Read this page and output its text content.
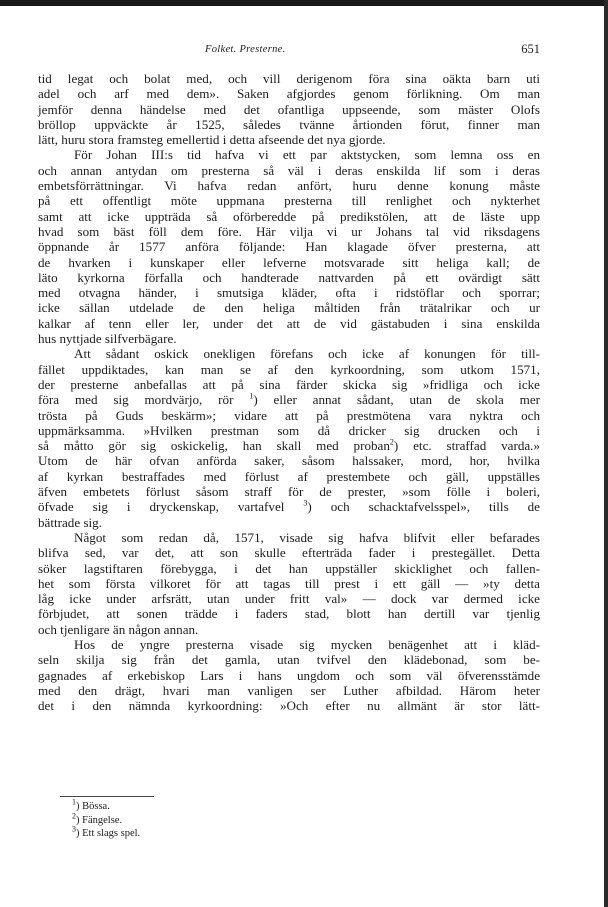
Folket. Presterne.	651
tid legat och bolat med, och vill derigenom föra sina oäkta barn uti
adel och arf med dem». Saken afgjordes genom förlikning. Om man
jemför denna händelse med det ofantliga uppseende, som mäster Olofs
bröllop uppväckte år 1525, således tvänne årtionden förut, finner man
lätt, huru stora framsteg emellertid i detta afseende det nya gjorde.
För Johan III:s tid hafva vi ett par aktstycken, som lemna oss en
och annan antydan om presterna så väl i deras enskilda lif som i deras
embetsförrättningar. Vi hafva redan anfört, huru denne konung måste
på ett offentligt möte uppmana presterna till renlighet och nykterhet
samt att icke uppträda så oförberedde på predikstölen, att de läste upp
hvad som bäst föll dem före. Här vilja vi ur Johans tal vid riksdagens
öppnande år 1577 anföra följande: Han klagade öfver presterna, att
de hvarken i kunskaper eller lefverne motsvarade sitt heliga kall; de
läto kyrkorna förfalla och handterade nattvarden på ett ovärdigt sätt
med otvagna händer, i smutsiga kläder, ofta i ridstöflar och sporrar;
icke sällan utdelade de den heliga måltiden från trätalrikar och ur
kalkar af tenn eller ler, under det att de vid gästabuden i sina enskilda
hus nyttjade silfverbägare.
Att sådant oskick onekligen förefans och icke af konungen för till-
fället uppdiktades, kan man se af den kyrkoordning, som utkom 1571,
der presterne anbefallas att på sina färder skicka sig »fridliga och icke
föra med sig mordvärjo, rör $^1$) eller annat sådant, utan de skola mer
trösta på Guds beskärm»; vidare att på prestmötena vara nyktra och
uppmärksamma. »Hvilken prestman som då dricker sig drucken och i
så måtto gör sig oskickelig, han skall med proban$^2$) etc. straffad varda.»
Utom de här ofvan anförda saker, såsom halssaker, mord, hor, hvilka
af kyrkan bestraffades med förlust af prestembete och gäll, uppställes
äfven embetets förlust såsom straff för de prester, »som fölle i boleri,
öfvade sig i dryckenskap, vartafvel $^3$) och schacktafvelsspel», tills de
bättrade sig.
Något som redan då, 1571, visade sig hafva blifvit eller befarades
blifva sed, var det, att son skulle efterträda fader i prestegället. Detta
söker lagstiftaren förebygga, i det han uppställer skicklighet och fallen-
het som första vilkoret för att tagas till prest i ett gäll — »ty detta
låg icke under arfsrätt, utan under fritt val» — dock var dermed icke
förbjudet, att sonen trädde i faders stad, blott han dertill var tjenlig
och tjenligare än någon annan.
Hos de yngre presterna visade sig mycken benägenhet att i kläd-
seln skilja sig från det gamla, utan tvifvel den klädebonad, som be-
gagnades af erkebiskop Lars i hans ungdom och som väl öfverensstämde
med den drägt, hvari man vanligen ser Luther afbildad. Härom heter
det i den nämnda kyrkoordning: »Och efter nu allmänt är stor lätt-
$^1$) Bössa.
$^2$) Fängelse.
$^3$) Ett slags spel.
